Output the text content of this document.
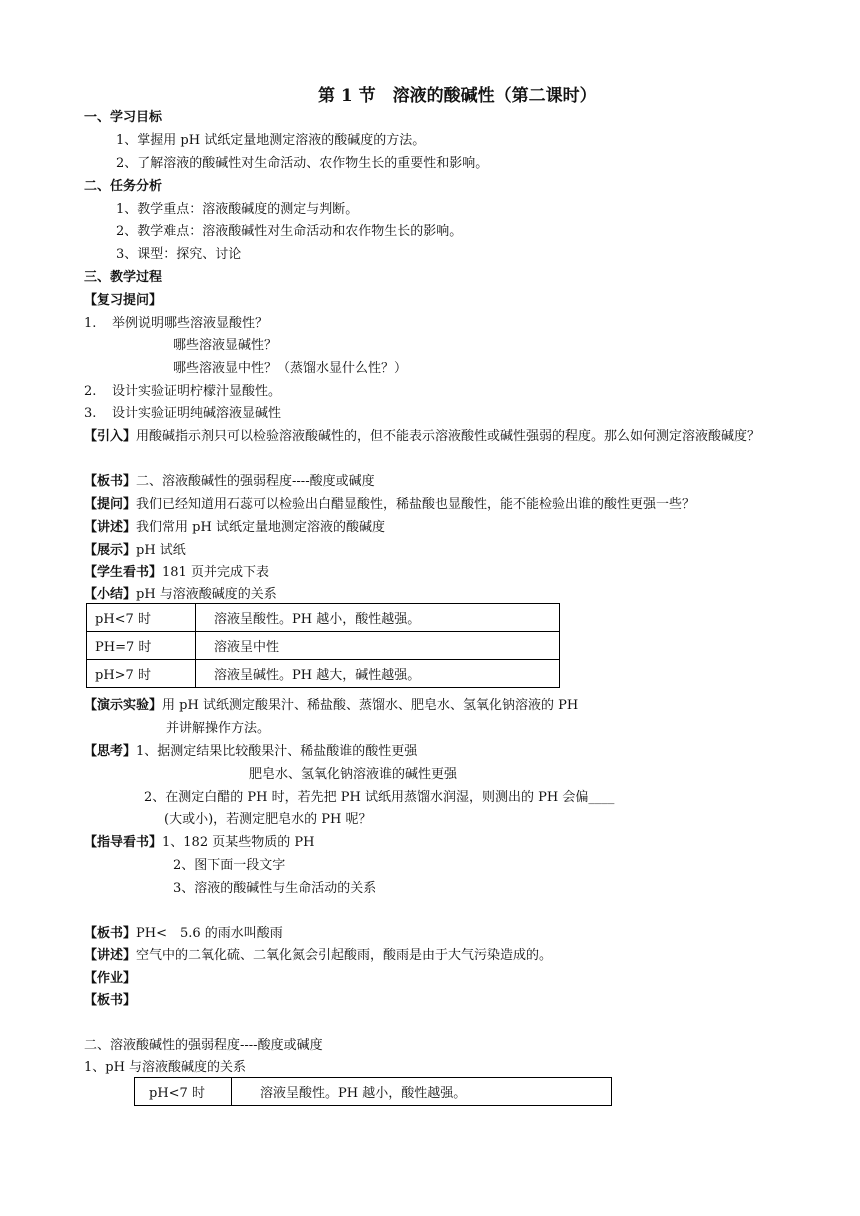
第 1 节　溶液的酸碱性（第二课时）
一、学习目标
1、掌握用 pH 试纸定量地测定溶液的酸碱度的方法。
2、了解溶液的酸碱性对生命活动、农作物生长的重要性和影响。
二、任务分析
1、教学重点：溶液酸碱度的测定与判断。
2、教学难点：溶液酸碱性对生命活动和农作物生长的影响。
3、课型：探究、讨论
三、教学过程
【复习提问】
1. 举例说明哪些溶液显酸性？
哪些溶液显碱性？
哪些溶液显中性？（蒸馏水显什么性？）
2. 设计实验证明柠檬汁显酸性。
3. 设计实验证明纯碱溶液显碱性
【引入】用酸碱指示剂只可以检验溶液酸碱性的，但不能表示溶液酸性或碱性强弱的程度。那么如何测定溶液酸碱度？
【板书】二、溶液酸碱性的强弱程度----酸度或碱度
【提问】我们已经知道用石蕊可以检验出白醋显酸性，稀盐酸也显酸性，能不能检验出谁的酸性更强一些？
【讲述】我们常用 pH 试纸定量地测定溶液的酸碱度
【展示】pH 试纸
【学生看书】181 页并完成下表
【小结】pH 与溶液酸碱度的关系
pH<7 时	溶液呈酸性。PH 越小，酸性越强。
PH=7 时	溶液呈中性
pH>7 时	溶液呈碱性。PH 越大，碱性越强。
【演示实验】用 pH 试纸测定酸果汁、稀盐酸、蒸馏水、肥皂水、氢氧化钠溶液的 PH
并讲解操作方法。
【思考】1、据测定结果比较酸果汁、稀盐酸谁的酸性更强
肥皂水、氢氧化钠溶液谁的碱性更强
2、在测定白醋的 PH 时，若先把 PH 试纸用蒸馏水润湿，则测出的 PH 会偏____
(大或小)，若测定肥皂水的 PH 呢？
【指导看书】1、182 页某些物质的 PH
2、图下面一段文字
3、溶液的酸碱性与生命活动的关系
【板书】PH<　5.6 的雨水叫酸雨
【讲述】空气中的二氧化硫、二氧化氮会引起酸雨，酸雨是由于大气污染造成的。
【作业】
【板书】
二、溶液酸碱性的强弱程度----酸度或碱度
1、pH 与溶液酸碱度的关系
pH<7 时	溶液呈酸性。PH 越小，酸性越强。
